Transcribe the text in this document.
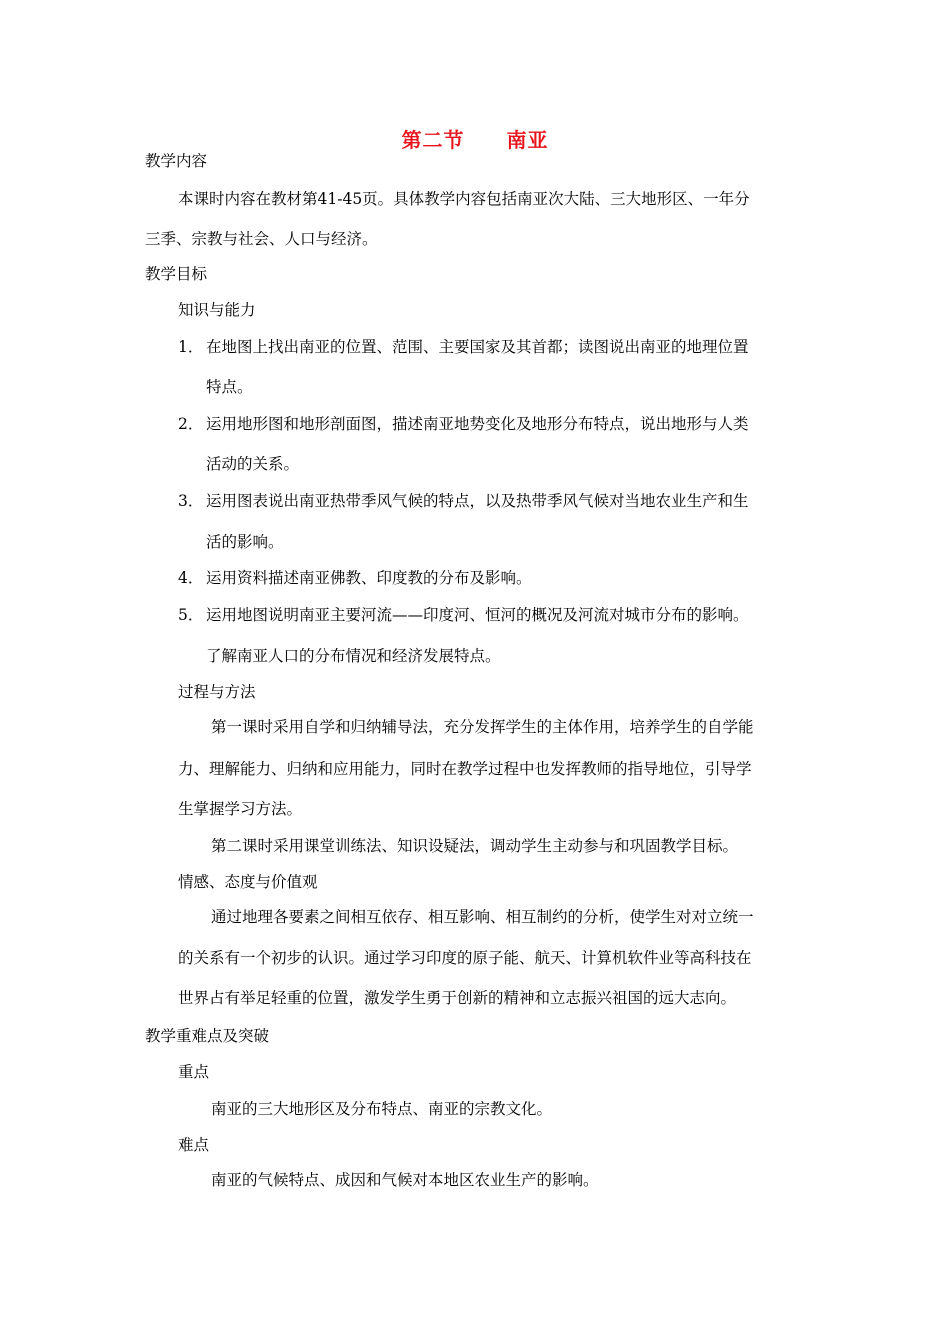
第二节　　南亚
教学内容
本课时内容在教材第41-45页。具体教学内容包括南亚次大陆、三大地形区、一年分
三季、宗教与社会、人口与经济。
教学目标
知识与能力
1． 在地图上找出南亚的位置、范围、主要国家及其首都；读图说出南亚的地理位置
特点。
2． 运用地形图和地形剖面图，描述南亚地势变化及地形分布特点，说出地形与人类
活动的关系。
3． 运用图表说出南亚热带季风气候的特点，以及热带季风气候对当地农业生产和生
活的影响。
4． 运用资料描述南亚佛教、印度教的分布及影响。
5． 运用地图说明南亚主要河流——印度河、恒河的概况及河流对城市分布的影响。
了解南亚人口的分布情况和经济发展特点。
过程与方法
第一课时采用自学和归纳辅导法，充分发挥学生的主体作用，培养学生的自学能
力、理解能力、归纳和应用能力，同时在教学过程中也发挥教师的指导地位，引导学
生掌握学习方法。
第二课时采用课堂训练法、知识设疑法，调动学生主动参与和巩固教学目标。
情感、态度与价值观
通过地理各要素之间相互依存、相互影响、相互制约的分析，使学生对对立统一
的关系有一个初步的认识。通过学习印度的原子能、航天、计算机软件业等高科技在
世界占有举足轻重的位置，激发学生勇于创新的精神和立志振兴祖国的远大志向。
教学重难点及突破
重点
南亚的三大地形区及分布特点、南亚的宗教文化。
难点
南亚的气候特点、成因和气候对本地区农业生产的影响。
